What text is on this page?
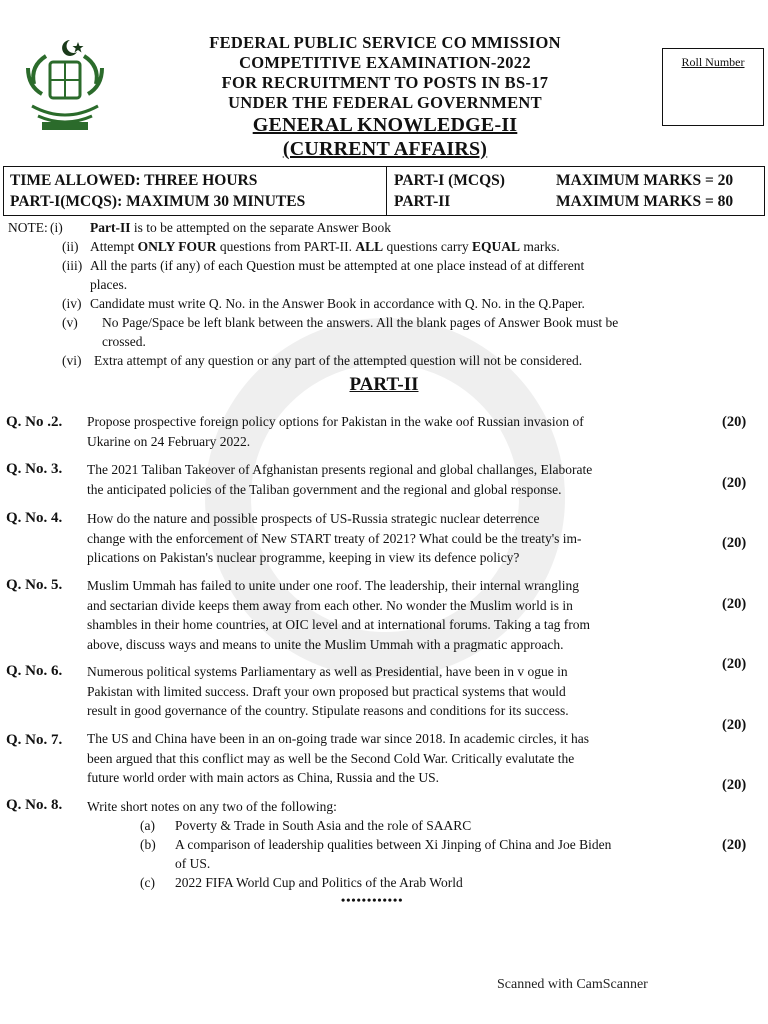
FEDERAL PUBLIC SERVICE CO MMISSION
COMPETITIVE EXAMINATION-2022
FOR RECRUITMENT TO POSTS IN BS-17
UNDER THE FEDERAL GOVERNMENT
GENERAL KNOWLEDGE-II
(CURRENT AFFAIRS)
Roll Number
TIME ALLOWED: THREE HOURS
PART-I(MCQS): MAXIMUM 30 MINUTES
PART-I (MCQS)
PART-II
MAXIMUM MARKS = 20
MAXIMUM MARKS = 80
NOTE: (i) Part-II is to be attempted on the separate Answer Book
(ii) Attempt ONLY FOUR questions from PART-II. ALL questions carry EQUAL marks.
(iii) All the parts (if any) of each Question must be attempted at one place instead of at different
places.
(iv) Candidate must write Q. No. in the Answer Book in accordance with Q. No. in the Q.Paper.
(v) No Page/Space be left blank between the answers. All the blank pages of Answer Book must be
crossed.
(vi) Extra attempt of any question or any part of the attempted question will not be considered.
PART-II
Q. No .2. Propose prospective foreign policy options for Pakistan in the wake oof Russian invasion of
Ukarine on 24 February 2022.
(20)
Q. No. 3. The 2021 Taliban Takeover of Afghanistan presents regional and global challanges, Elaborate
the anticipated policies of the Taliban government and the regional and global response.	(20)
Q. No. 4. How do the nature and possible prospects of US-Russia strategic nuclear deterrence
change with the enforcement of New START treaty of 2021? What could be the treaty's im-
plications on Pakistan's nuclear programme, keeping in view its defence policy?
(20)
Q. No. 5. Muslim Ummah has failed to unite under one roof. The leadership, their internal wrangling
and sectarian divide keeps them away from each other. No wonder the Muslim world is in
shambles in their home countries, at OIC level and at international forums. Taking a tag from
above, discuss ways and means to unite the Muslim Ummah with a pragmatic approach.
(20)
Q. No. 6. Numerous political systems Parliamentary as well as Presidential, have been in v ogue in
Pakistan with limited success. Draft your own proposed but practical systems that would
result in good governance of the country. Stipulate reasons and conditions for its success.
(20)
Q. No. 7. The US and China have been in an on-going trade war since 2018. In academic circles, it has
been argued that this conflict may as well be the Second Cold War. Critically evalutate the
future world order with main actors as China, Russia and the US.
(20)
Q. No. 8. Write short notes on any two of the following:
(20)
(20)
(a) Poverty & Trade in South Asia and the role of SAARC
(b) A comparison of leadership qualities between Xi Jinping of China and Joe Biden
of US.
(c) 2022 FIFA World Cup and Politics of the Arab World
••••••••••••
Scanned with CamScanner
